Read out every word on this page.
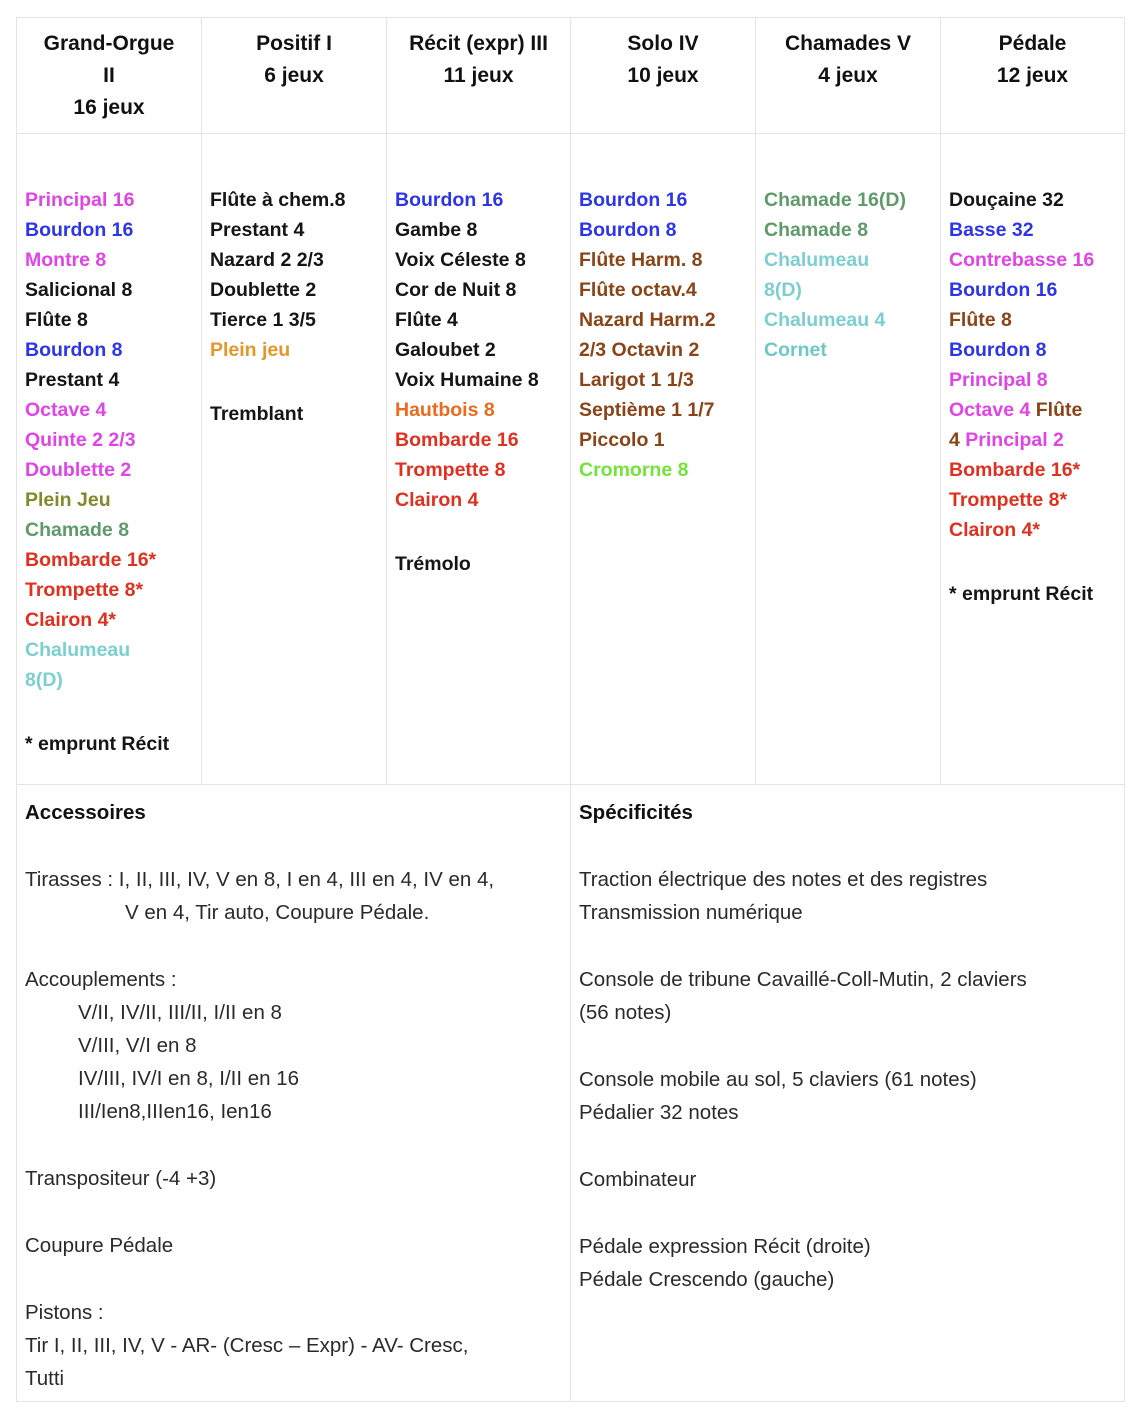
Grand-Orgue
II
16 jeux
Positif I
6 jeux
Récit (expr) III
11 jeux
Solo IV
10 jeux
Chamades V
4 jeux
Pédale
12 jeux
Principal 16
Bourdon 16
Montre 8
Salicional 8
Flûte 8
Bourdon 8
Prestant 4
Octave 4
Quinte 2 2/3
Doublette 2
Plein Jeu
Chamade 8
Bombarde 16*
Trompette 8*
Clairon 4*
Chalumeau
8(D)
* emprunt Récit
Flûte à chem.8
Prestant 4
Nazard 2 2/3
Doublette 2
Tierce 1 3/5
Plein jeu
Tremblant
Bourdon 16
Gambe 8
Voix Céleste 8
Cor de Nuit 8
Flûte 4
Galoubet 2
Voix Humaine 8
Hautbois 8
Bombarde 16
Trompette 8
Clairon 4
Trémolo
Bourdon 16
Bourdon 8
Flûte Harm. 8
Flûte octav.4
Nazard Harm.2
2/3 Octavin 2
Larigot 1 1/3
Septième 1 1/7
Piccolo 1
Cromorne 8
Chamade 16(D)
Chamade 8
Chalumeau
8(D)
Chalumeau 4
Cornet
Douçaine 32
Basse 32
Contrebasse 16
Bourdon 16
Flûte 8
Bourdon 8
Principal 8
Octave 4 Flûte
4 Principal 2
Bombarde 16*
Trompette 8*
Clairon 4*
* emprunt Récit
Accessoires
Tirasses : I, II, III, IV, V en 8, I en 4, III en 4, IV en 4,
V en 4, Tir auto, Coupure Pédale.
Accouplements :
V/II, IV/II, III/II, I/II en 8
V/III, V/I en 8
IV/III, IV/I en 8, I/II en 16
III/Ien8,IIIen16, Ien16
Transpositeur (-4 +3)
Coupure Pédale
Pistons :
Tir I, II, III, IV, V - AR- (Cresc – Expr) - AV- Cresc,
Tutti
Spécificités
Traction électrique des notes et des registres
Transmission numérique
Console de tribune Cavaillé-Coll-Mutin, 2 claviers
(56 notes)
Console mobile au sol, 5 claviers (61 notes)
Pédalier 32 notes
Combinateur
Pédale expression Récit (droite)
Pédale Crescendo (gauche)
